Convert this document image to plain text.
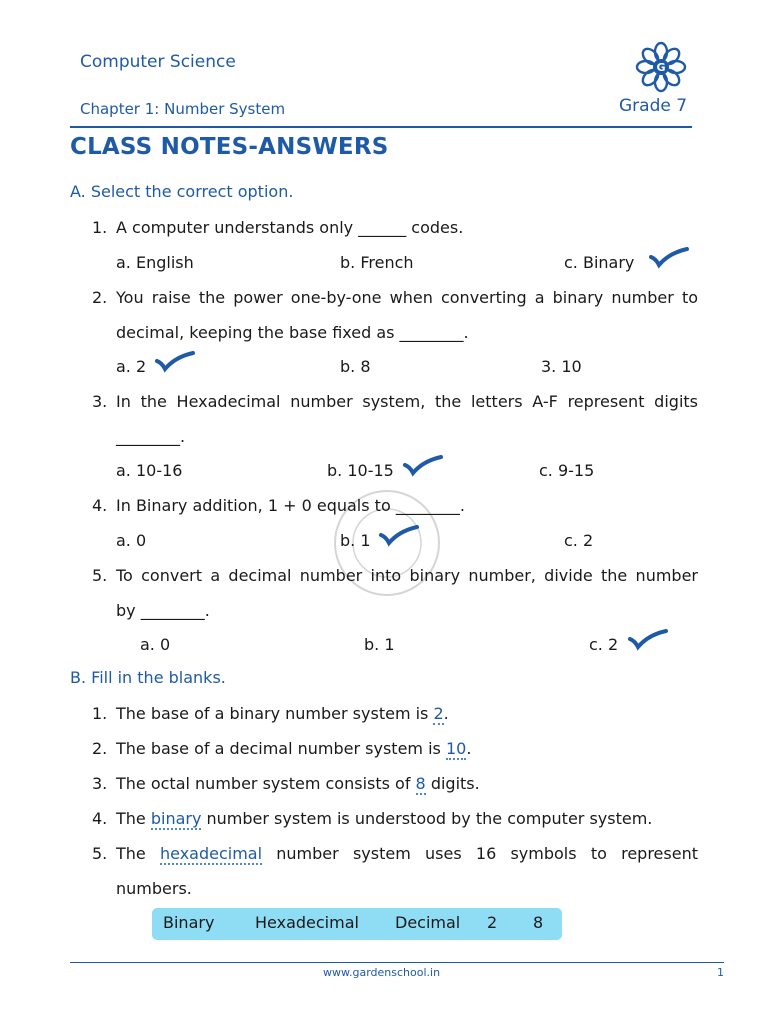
Computer Science
Chapter 1: Number System	Grade 7
G
CLASS NOTES-ANSWERS
A. Select the correct option.
1. A computer understands only ______ codes.
a. English	b. French	c. Binary
2. You raise the power one-by-one when converting a binary number to
decimal, keeping the base fixed as ________.
a. 2	b. 8	3. 10
3. In the Hexadecimal number system, the letters A-F represent digits
________.
a. 10-16	b. 10-15	c. 9-15
4. In Binary addition, 1 + 0 equals to ________.
a. 0	b. 1	c. 2
5. To convert a decimal number into binary number, divide the number
by ________.
a. 0	b. 1	c. 2
B. Fill in the blanks.
1. The base of a binary number system is 2.
2. The base of a decimal number system is 10.
3. The octal number system consists of 8 digits.
4. The binary number system is understood by the computer system.
5. The hexadecimal number system uses 16 symbols to represent
numbers.
Binary	Hexadecimal Decimal 2 8
www.gardenschool.in	1
